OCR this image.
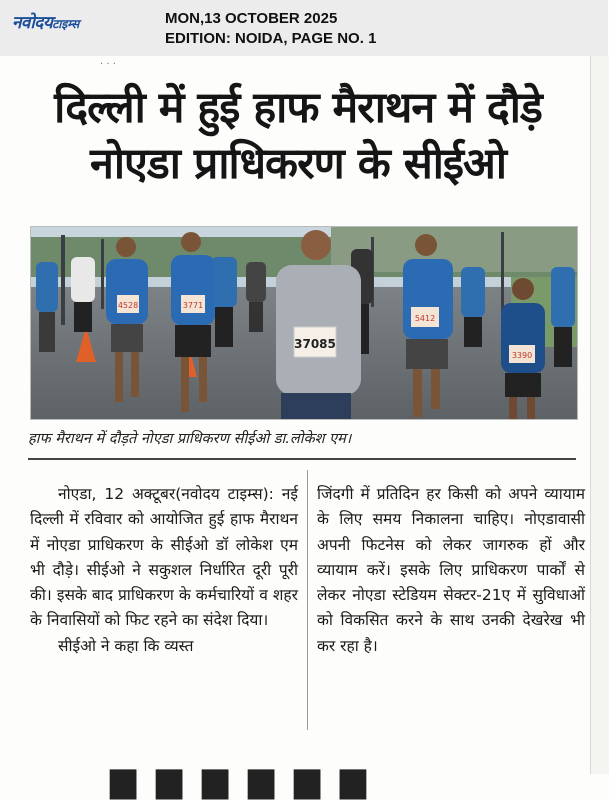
नवोदयटाइम्स	MON,13 OCTOBER 2025
EDITION: NOIDA, PAGE NO. 1
. . .
दिल्ली में हुई हाफ मैराथन में दौड़े
नोएडा प्राधिकरण के सीईओ
4528	3771
37085
5412
3390
हाफ मैराथन में दौड़ते नोएडा प्राधिकरण सीईओ डा.लोकेश एम।

नोएडा, 12 अक्टूबर(नवोदय टाइम्स): नई दिल्ली में रविवार को आयोजित हुई हाफ मैराथन में नोएडा प्राधिकरण के सीईओ डॉ लोकेश एम भी दौड़े। सीईओ ने सकुशल निर्धारित दूरी पूरी की। इसके बाद प्राधिकरण के कर्मचारियों व शहर के निवासियों को फिट रहने का संदेश दिया।

सीईओ ने कहा कि व्यस्त

जिंदगी में प्रतिदिन हर किसी को अपने व्यायाम के लिए समय निकालना चाहिए। नोएडावासी अपनी फिटनेस को लेकर जागरुक हों और व्यायाम करें। इसके लिए प्राधिकरण पार्कों से लेकर नोएडा स्टेडियम सेक्टर-21ए में सुविधाओं को विकसित करने के साथ उनकी देखरेख भी कर रहा है।

▆ ▆ ▆ ▆ ▆ ▆
